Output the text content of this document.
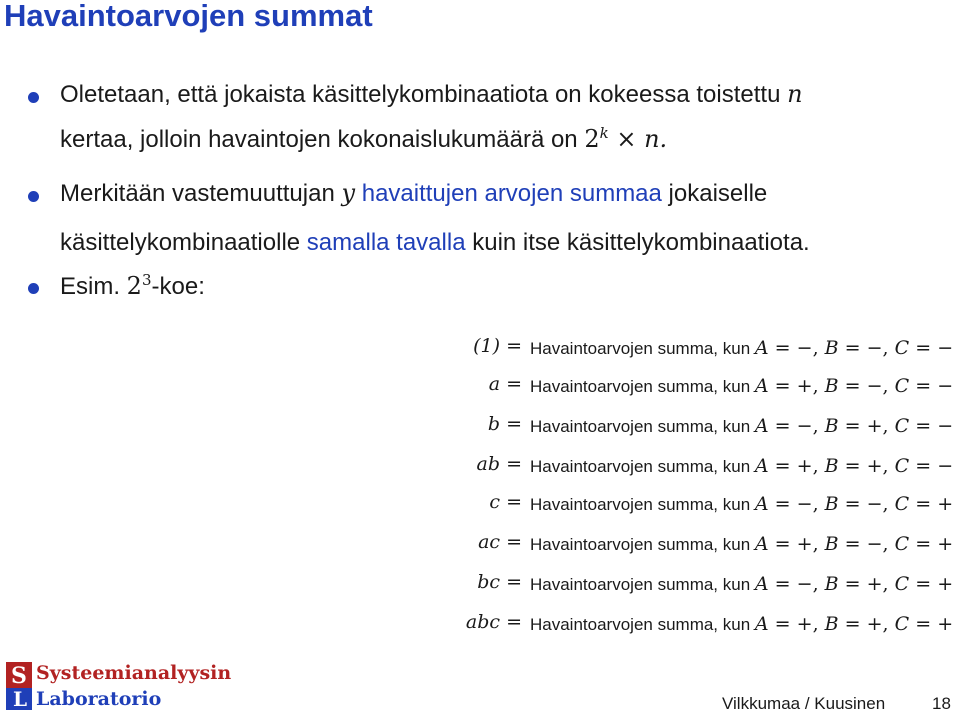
Havaintoarvojen summat
Oletetaan, että jokaista käsittelykombinaatiota on kokeessa toistettu n
kertaa, jolloin havaintojen kokonaislukumäärä on $2^k \times n$.
Merkitään vastemuuttujan y havaittujen arvojen summaa jokaiselle
käsittelykombinaatiolle samalla tavalla kuin itse käsittelykombinaatiota.
Esim. $2^3$-koe:
(1) = Havaintoarvojen summa, kun A = −, B = −, C = −
a = Havaintoarvojen summa, kun A = +, B = −, C = −
b = Havaintoarvojen summa, kun A = −, B = +, C = −
ab = Havaintoarvojen summa, kun A = +, B = +, C = −
c = Havaintoarvojen summa, kun A = −, B = −, C = +
ac = Havaintoarvojen summa, kun A = +, B = −, C = +
bc = Havaintoarvojen summa, kun A = −, B = +, C = +
abc = Havaintoarvojen summa, kun A = +, B = +, C = +
S
L
Systeemianalyysin
Laboratorio	Vilkkumaa / Kuusinen	18
